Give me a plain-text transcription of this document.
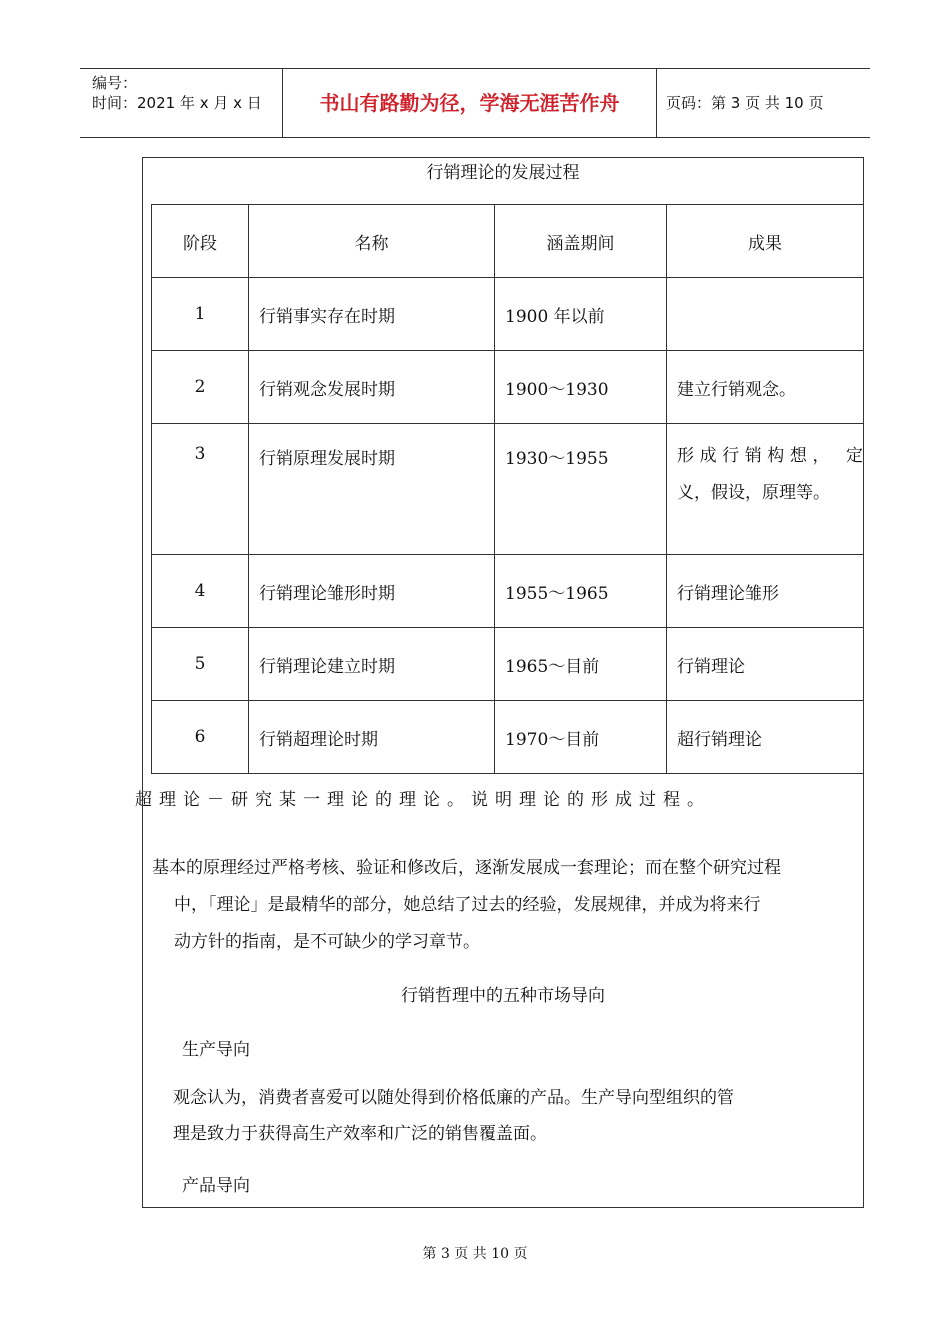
编号：
时间：2021 年 x 月 x 日	书山有路勤为径，学海无涯苦作舟	页码：第 3 页 共 10 页
行销理论的发展过程
阶段	名称	涵盖期间	成果
1	行销事实存在时期	1900 年以前	
2	行销观念发展时期	1900～1930	建立行销观念。
3	行销原理发展时期	1930～1955	形成行销构想， 定
义，假设，原理等。

4	行销理论雏形时期	1955～1965	行销理论雏形
5	行销理论建立时期	1965～目前	行销理论
6	行销超理论时期	1970～目前	超行销理论
超理论－研究某一理论的理论。说明理论的形成过程。
基本的原理经过严格考核、验证和修改后，逐渐发展成一套理论；而在整个研究过程
中，「理论」是最精华的部分，她总结了过去的经验，发展规律，并成为将来行
动方针的指南，是不可缺少的学习章节。
行销哲理中的五种市场导向
生产导向
观念认为，消费者喜爱可以随处得到价格低廉的产品。生产导向型组织的管
理是致力于获得高生产效率和广泛的销售覆盖面。
产品导向
第 3 页 共 10 页
